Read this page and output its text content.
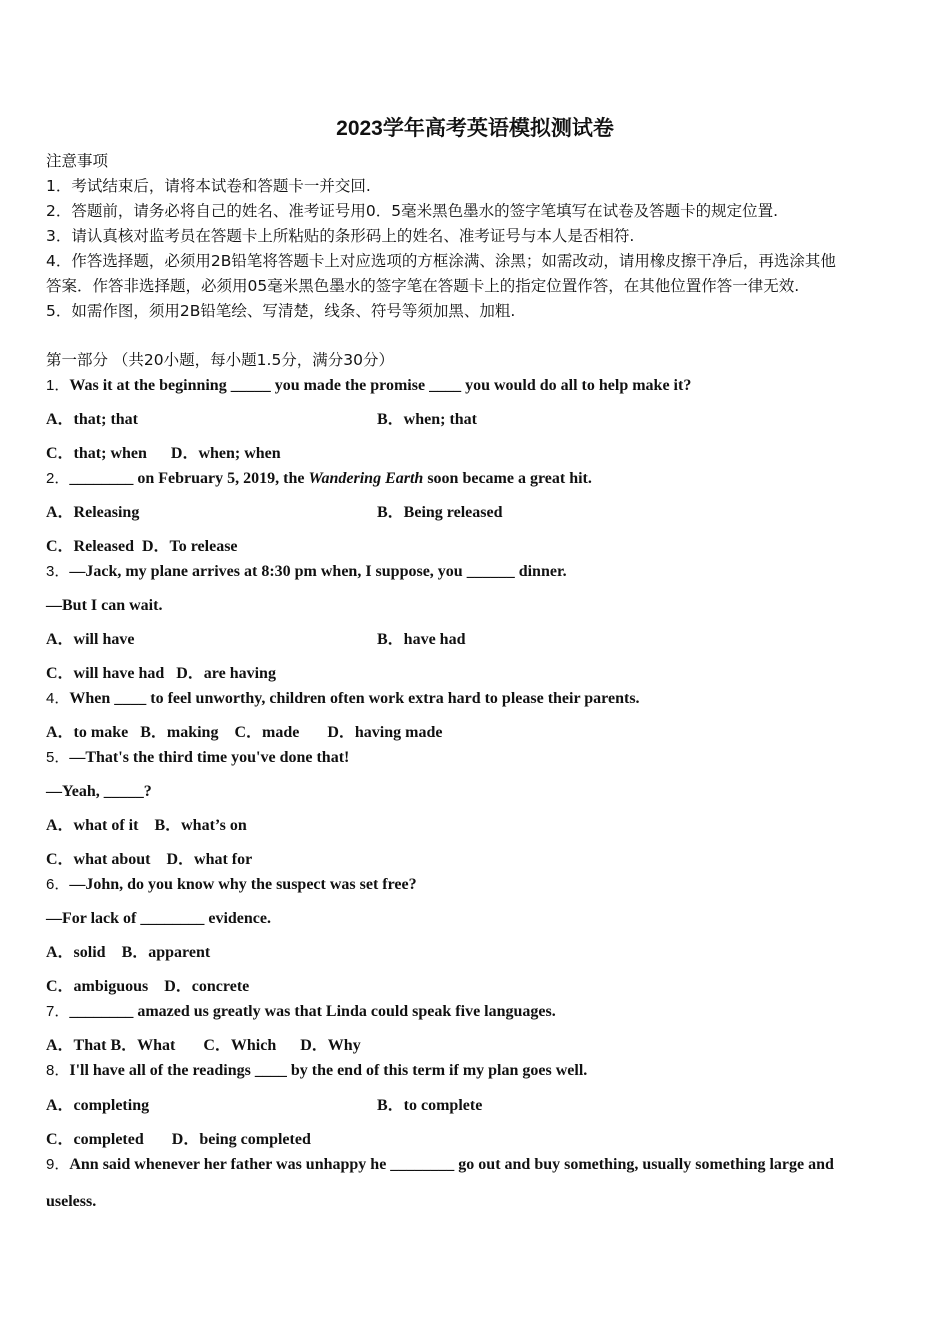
2023学年高考英语模拟测试卷
注意事项
1．考试结束后，请将本试卷和答题卡一并交回.
2．答题前，请务必将自己的姓名、准考证号用0．5毫米黑色墨水的签字笔填写在试卷及答题卡的规定位置.
3．请认真核对监考员在答题卡上所粘贴的条形码上的姓名、准考证号与本人是否相符.
4．作答选择题，必须用2B铅笔将答题卡上对应选项的方框涂满、涂黑；如需改动，请用橡皮擦干净后，再选涂其他
答案．作答非选择题，必须用05毫米黑色墨水的签字笔在答题卡上的指定位置作答，在其他位置作答一律无效.
5．如需作图，须用2B铅笔绘、写清楚，线条、符号等须加黑、加粗.
第一部分 （共20小题，每小题1.5分，满分30分）
1．Was it at the beginning _____ you made the promise ____ you would do all to help make it?
A．that; that	B．when; that
C．that; when      D．when; when
2．________ on February 5, 2019, the Wandering Earth soon became a great hit.
A．Releasing	B．Being released
C．Released  D．To release
3．—Jack, my plane arrives at 8:30 pm when, I suppose, you ______ dinner.
—But I can wait.
A．will have	B．have had
C．will have had   D．are having
4．When ____ to feel unworthy, children often work extra hard to please their parents.
A．to make   B．making    C．made       D．having made
5．—That's the third time you've done that!
—Yeah, _____?
A．what of it    B．what’s on
C．what about    D．what for
6．—John, do you know why the suspect was set free?
—For lack of ________ evidence.
A．solid    B．apparent
C．ambiguous    D．concrete
7．________ amazed us greatly was that Linda could speak five languages.
A．That B．What       C．Which      D．Why
8．I'll have all of the readings ____ by the end of this term if my plan goes well.
A．completing	B．to complete
C．completed       D．being completed
9．Ann said whenever her father was unhappy he ________ go out and buy something, usually something large and
useless.
